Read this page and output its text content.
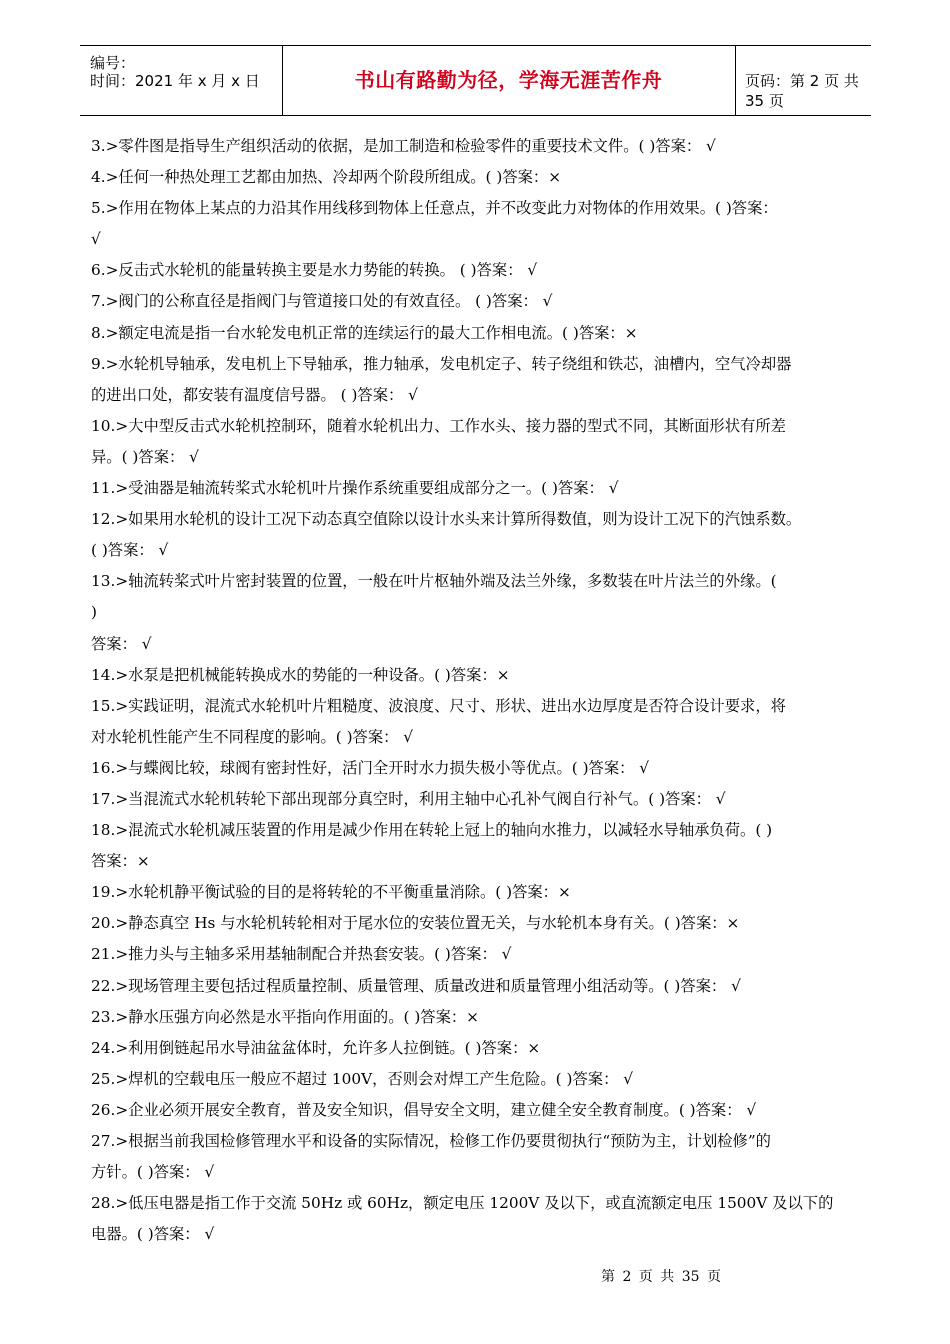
编号：
时间：2021 年 x 月 x 日	书山有路勤为径，学海无涯苦作舟	页码：第 2 页 共 35 页

3.>零件图是指导生产组织活动的依据，是加工制造和检验零件的重要技术文件。( )答案： √

4.>任何一种热处理工艺都由加热、冷却两个阶段所组成。( )答案：×

5.>作用在物体上某点的力沿其作用线移到物体上任意点，并不改变此力对物体的作用效果。( )答案：

√

6.>反击式水轮机的能量转换主要是水力势能的转换。 ( )答案： √

7.>阀门的公称直径是指阀门与管道接口处的有效直径。 ( )答案： √

8.>额定电流是指一台水轮发电机正常的连续运行的最大工作相电流。( )答案：×

9.>水轮机导轴承，发电机上下导轴承，推力轴承，发电机定子、转子绕组和铁芯，油槽内，空气冷却器

的进出口处，都安装有温度信号器。 ( )答案： √

10.>大中型反击式水轮机控制环，随着水轮机出力、工作水头、接力器的型式不同，其断面形状有所差

异。( )答案： √

11.>受油器是轴流转桨式水轮机叶片操作系统重要组成部分之一。( )答案： √

12.>如果用水轮机的设计工况下动态真空值除以设计水头来计算所得数值，则为设计工况下的汽蚀系数。

( )答案： √

13.>轴流转桨式叶片密封装置的位置，一般在叶片枢轴外端及法兰外缘，多数装在叶片法兰的外缘。(

)

答案： √

14.>水泵是把机械能转换成水的势能的一种设备。( )答案：×

15.>实践证明，混流式水轮机叶片粗糙度、波浪度、尺寸、形状、进出水边厚度是否符合设计要求，将

对水轮机性能产生不同程度的影响。( )答案： √

16.>与蝶阀比较，球阀有密封性好，活门全开时水力损失极小等优点。( )答案： √

17.>当混流式水轮机转轮下部出现部分真空时，利用主轴中心孔补气阀自行补气。( )答案： √

18.>混流式水轮机减压装置的作用是减少作用在转轮上冠上的轴向水推力，以减轻水导轴承负荷。( )

答案：×

19.>水轮机静平衡试验的目的是将转轮的不平衡重量消除。( )答案：×

20.>静态真空 Hs 与水轮机转轮相对于尾水位的安装位置无关，与水轮机本身有关。( )答案：×

21.>推力头与主轴多采用基轴制配合并热套安装。( )答案： √

22.>现场管理主要包括过程质量控制、质量管理、质量改进和质量管理小组活动等。( )答案： √

23.>静水压强方向必然是水平指向作用面的。( )答案：×

24.>利用倒链起吊水导油盆盆体时，允许多人拉倒链。( )答案：×

25.>焊机的空载电压一般应不超过 100V，否则会对焊工产生危险。( )答案： √

26.>企业必须开展安全教育，普及安全知识，倡导安全文明，建立健全安全教育制度。( )答案： √

27.>根据当前我国检修管理水平和设备的实际情况，检修工作仍要贯彻执行“预防为主，计划检修”的

方针。( )答案： √

28.>低压电器是指工作于交流 50Hz 或 60Hz，额定电压 1200V 及以下，或直流额定电压 1500V 及以下的

电器。( )答案： √

第 2 页 共 35 页
